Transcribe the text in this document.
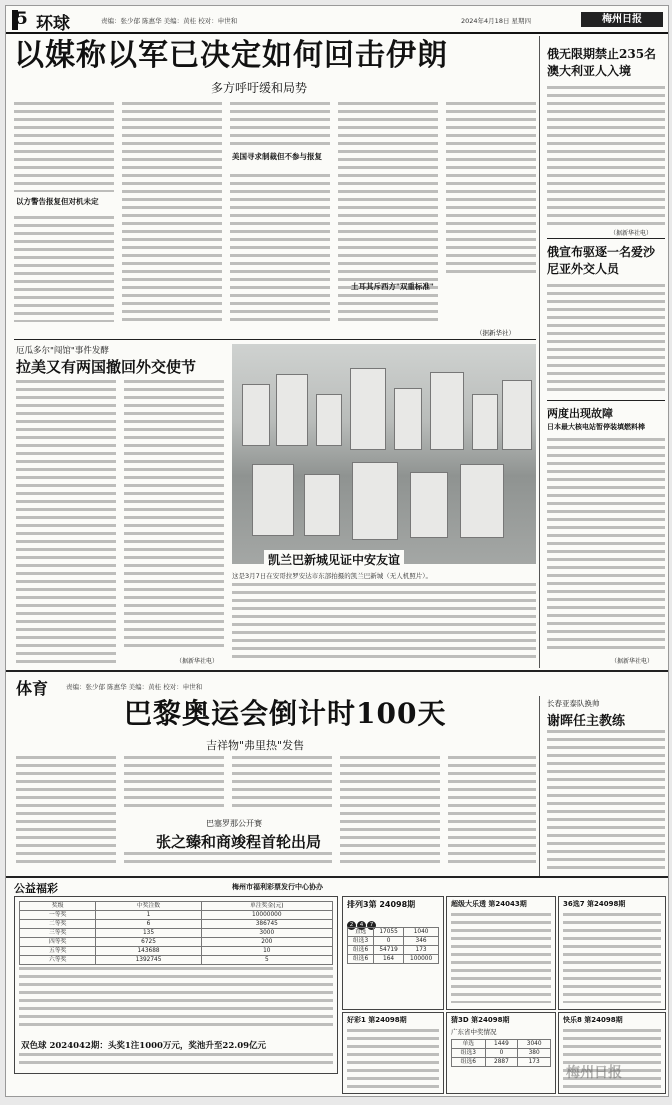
5 环球	责编：张少郁 陈惠华 美编：黄桂 校对：申世和	2024年4月18日 星期四	梅州日报
以媒称以军已决定如何回击伊朗
多方呼吁缓和局势
以方警告报复但对机未定
美国寻求制裁但不参与报复
土耳其斥西方"双重标准"
（据新华社）
俄无限期禁止235名澳大利亚人入境
（据新华社电）
俄宣布驱逐一名爱沙尼亚外交人员
两度出现故障
日本最大核电站暂停装填燃料棒
（据新华社电）
厄瓜多尔"闯馆"事件发酵
拉美又有两国撤回外交使节
（据新华社电）
凯兰巴新城见证中安友谊
这是3月7日在安哥拉罗安达市东部拍摄的凯兰巴新城（无人机照片）。
体育	责编：张少郁 陈惠华 美编：黄桂 校对：申世和
巴黎奥运会倒计时100天
吉祥物"弗里热"发售
巴塞罗那公开赛
张之臻和商竣程首轮出局
长春亚泰队换帅
谢晖任主教练
公益福彩	梅州市福利彩票发行中心协办
奖级	中奖注数	单注奖金(元)
一等奖	1	10000000
二等奖	6	386745
三等奖	135	3000
四等奖	6725	200
五等奖	143688	10
六等奖	1392745	5
双色球 2024042期：头奖1注1000万元，奖池升至22.09亿元
排列3第 24098期
2 4 7
直选	17055	1040
组选3	0	346
组选6	54719	173
组选6	164	100000
超级大乐透 第24043期	36选7 第24098期
好彩1 第24098期	猜3D 第24098期
广东省中奖情况
单选	1449	3040
组选3	0	380
组选6	2887	173
快乐8 第24098期
梅州日报
